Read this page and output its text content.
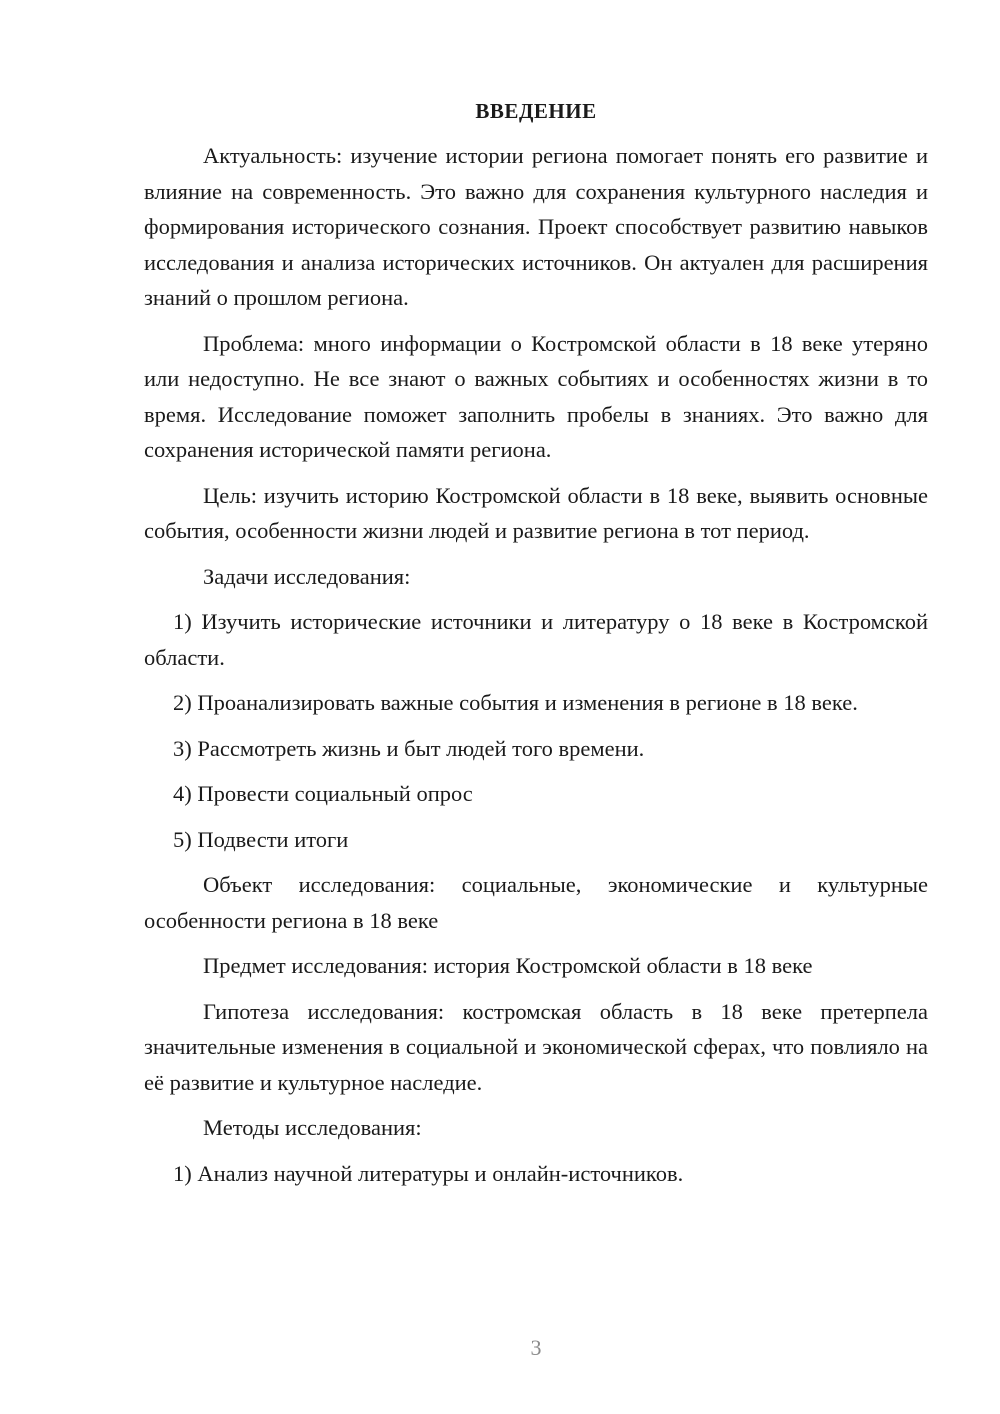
ВВЕДЕНИЕ

Актуальность: изучение истории региона помогает понять его развитие и влияние на современность. Это важно для сохранения культурного наследия и формирования исторического сознания. Проект способствует развитию навыков исследования и анализа исторических источников. Он актуален для расширения знаний о прошлом региона.

Проблема: много информации о Костромской области в 18 веке утеряно или недоступно. Не все знают о важных событиях и особенностях жизни в то время. Исследование поможет заполнить пробелы в знаниях. Это важно для сохранения исторической памяти региона.

Цель: изучить историю Костромской области в 18 веке, выявить основные события, особенности жизни людей и развитие региона в тот период.

Задачи исследования:

1) Изучить исторические источники и литературу о 18 веке в Костромской области.

2) Проанализировать важные события и изменения в регионе в 18 веке.

3) Рассмотреть жизнь и быт людей того времени.

4) Провести социальный опрос

5) Подвести итоги

Объект исследования: социальные, экономические и культурные особенности региона в 18 веке

Предмет исследования: история Костромской области в 18 веке

Гипотеза исследования: костромская область в 18 веке претерпела значительные изменения в социальной и экономической сферах, что повлияло на её развитие и культурное наследие.

Методы исследования:

1) Анализ научной литературы и онлайн-источников.

3
